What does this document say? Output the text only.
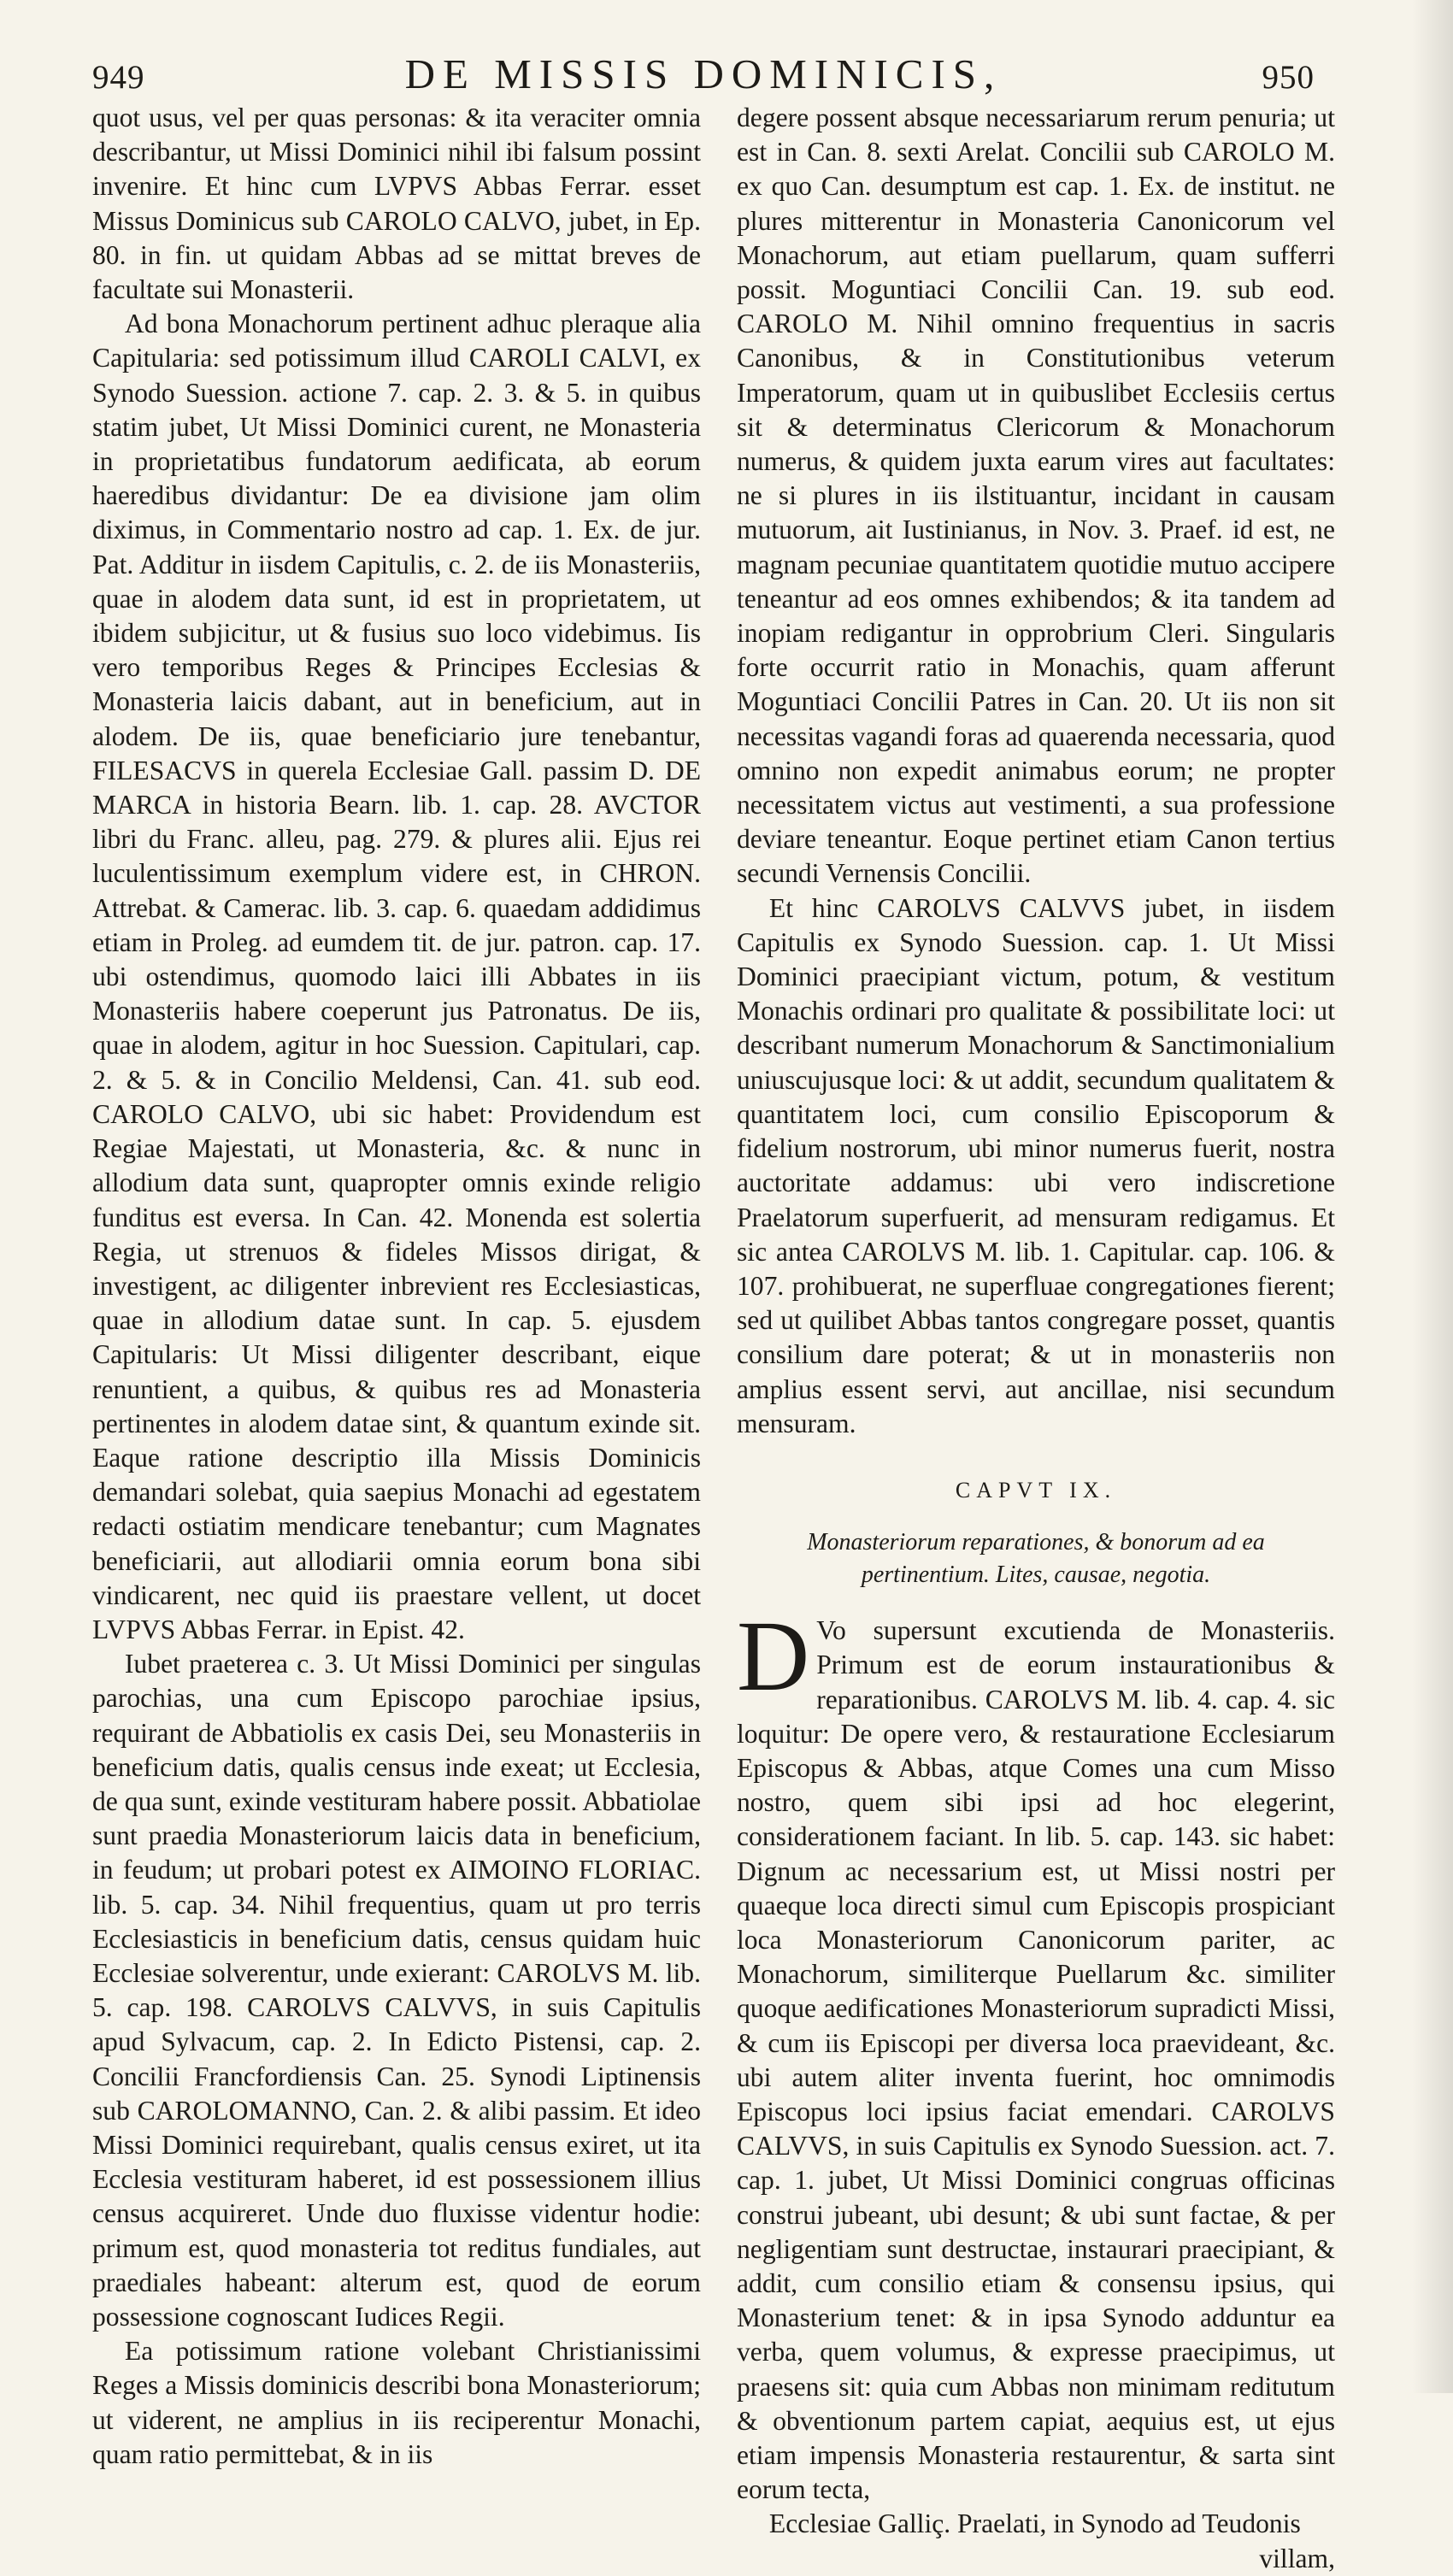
949	DE MISSIS DOMINICIS,	950

quot usus, vel per quas personas: & ita veraciter omnia describantur, ut Missi Dominici nihil ibi falsum possint invenire. Et hinc cum LVPVS Abbas Ferrar. esset Missus Dominicus sub CAROLO CALVO, jubet, in Ep. 80. in fin. ut quidam Abbas ad se mittat breves de facultate sui Monasterii.

Ad bona Monachorum pertinent adhuc pleraque alia Capitularia: sed potissimum illud CAROLI CALVI, ex Synodo Suession. actione 7. cap. 2. 3. & 5. in quibus statim jubet, Ut Missi Dominici curent, ne Monasteria in proprietatibus fundatorum aedificata, ab eorum haeredibus dividantur: De ea divisione jam olim diximus, in Commentario nostro ad cap. 1. Ex. de jur. Pat. Additur in iisdem Capitulis, c. 2. de iis Monasteriis, quae in alodem data sunt, id est in proprietatem, ut ibidem subjicitur, ut & fusius suo loco videbimus. Iis vero temporibus Reges & Principes Ecclesias & Monasteria laicis dabant, aut in beneficium, aut in alodem. De iis, quae beneficiario jure tenebantur, FILESACVS in querela Ecclesiae Gall. passim D. DE MARCA in historia Bearn. lib. 1. cap. 28. AVCTOR libri du Franc. alleu, pag. 279. & plures alii. Ejus rei luculentissimum exemplum videre est, in CHRON. Attrebat. & Camerac. lib. 3. cap. 6. quaedam addidimus etiam in Proleg. ad eumdem tit. de jur. patron. cap. 17. ubi ostendimus, quomodo laici illi Abbates in iis Monasteriis habere coeperunt jus Patronatus. De iis, quae in alodem, agitur in hoc Suession. Capitulari, cap. 2. & 5. & in Concilio Meldensi, Can. 41. sub eod. CAROLO CALVO, ubi sic habet: Providendum est Regiae Majestati, ut Monasteria, &c. & nunc in allodium data sunt, quapropter omnis exinde religio funditus est eversa. In Can. 42. Monenda est solertia Regia, ut strenuos & fideles Missos dirigat, & investigent, ac diligenter inbrevient res Ecclesiasticas, quae in allodium datae sunt. In cap. 5. ejusdem Capitularis: Ut Missi diligenter describant, eique renuntient, a quibus, & quibus res ad Monasteria pertinentes in alodem datae sint, & quantum exinde sit. Eaque ratione descriptio illa Missis Dominicis demandari solebat, quia saepius Monachi ad egestatem redacti ostiatim mendicare tenebantur; cum Magnates beneficiarii, aut allodiarii omnia eorum bona sibi vindicarent, nec quid iis praestare vellent, ut docet LVPVS Abbas Ferrar. in Epist. 42.

Iubet praeterea c. 3. Ut Missi Dominici per singulas parochias, una cum Episcopo parochiae ipsius, requirant de Abbatiolis ex casis Dei, seu Monasteriis in beneficium datis, qualis census inde exeat; ut Ecclesia, de qua sunt, exinde vestituram habere possit. Abbatiolae sunt praedia Monasteriorum laicis data in beneficium, in feudum; ut probari potest ex AIMOINO FLORIAC. lib. 5. cap. 34. Nihil frequentius, quam ut pro terris Ecclesiasticis in beneficium datis, census quidam huic Ecclesiae solverentur, unde exierant: CAROLVS M. lib. 5. cap. 198. CAROLVS CALVVS, in suis Capitulis apud Sylvacum, cap. 2. In Edicto Pistensi, cap. 2. Concilii Francfordiensis Can. 25. Synodi Liptinensis sub CAROLOMANNO, Can. 2. & alibi passim. Et ideo Missi Dominici requirebant, qualis census exiret, ut ita Ecclesia vestituram haberet, id est possessionem illius census acquireret. Unde duo fluxisse videntur hodie: primum est, quod monasteria tot reditus fundiales, aut praediales habeant: alterum est, quod de eorum possessione cognoscant Iudices Regii.

Ea potissimum ratione volebant Christianissimi Reges a Missis dominicis describi bona Monasteriorum; ut viderent, ne amplius in iis reciperentur Monachi, quam ratio permittebat, & in iis

degere possent absque necessariarum rerum penuria; ut est in Can. 8. sexti Arelat. Concilii sub CAROLO M. ex quo Can. desumptum est cap. 1. Ex. de institut. ne plures mitterentur in Monasteria Canonicorum vel Monachorum, aut etiam puellarum, quam sufferri possit. Moguntiaci Concilii Can. 19. sub eod. CAROLO M. Nihil omnino frequentius in sacris Canonibus, & in Constitutionibus veterum Imperatorum, quam ut in quibuslibet Ecclesiis certus sit & determinatus Clericorum & Monachorum numerus, & quidem juxta earum vires aut facultates: ne si plures in iis ilstituantur, incidant in causam mutuorum, ait Iustinianus, in Nov. 3. Praef. id est, ne magnam pecuniae quantitatem quotidie mutuo accipere teneantur ad eos omnes exhibendos; & ita tandem ad inopiam redigantur in opprobrium Cleri. Singularis forte occurrit ratio in Monachis, quam afferunt Moguntiaci Concilii Patres in Can. 20. Ut iis non sit necessitas vagandi foras ad quaerenda necessaria, quod omnino non expedit animabus eorum; ne propter necessitatem victus aut vestimenti, a sua professione deviare teneantur. Eoque pertinet etiam Canon tertius secundi Vernensis Concilii.

Et hinc CAROLVS CALVVS jubet, in iisdem Capitulis ex Synodo Suession. cap. 1. Ut Missi Dominici praecipiant victum, potum, & vestitum Monachis ordinari pro qualitate & possibilitate loci: ut describant numerum Monachorum & Sanctimonialium uniuscujusque loci: & ut addit, secundum qualitatem & quantitatem loci, cum consilio Episcoporum & fidelium nostrorum, ubi minor numerus fuerit, nostra auctoritate addamus: ubi vero indiscretione Praelatorum superfuerit, ad mensuram redigamus. Et sic antea CAROLVS M. lib. 1. Capitular. cap. 106. & 107. prohibuerat, ne superfluae congregationes fierent; sed ut quilibet Abbas tantos congregare posset, quantis consilium dare poterat; & ut in monasteriis non amplius essent servi, aut ancillae, nisi secundum mensuram.

CAPVT IX.
Monasteriorum reparationes, & bonorum ad ea pertinentium. Lites, causae, negotia.

D Vo supersunt excutienda de Monasteriis. Primum est de eorum instaurationibus & reparationibus. CAROLVS M. lib. 4. cap. 4. sic loquitur: De opere vero, & restauratione Ecclesiarum Episcopus & Abbas, atque Comes una cum Misso nostro, quem sibi ipsi ad hoc elegerint, considerationem faciant. In lib. 5. cap. 143. sic habet: Dignum ac necessarium est, ut Missi nostri per quaeque loca directi simul cum Episcopis prospiciant loca Monasteriorum Canonicorum pariter, ac Monachorum, similiterque Puellarum &c. similiter quoque aedificationes Monasteriorum supradicti Missi, & cum iis Episcopi per diversa loca praevideant, &c. ubi autem aliter inventa fuerint, hoc omnimodis Episcopus loci ipsius faciat emendari. CAROLVS CALVVS, in suis Capitulis ex Synodo Suession. act. 7. cap. 1. jubet, Ut Missi Dominici congruas officinas construi jubeant, ubi desunt; & ubi sunt factae, & per negligentiam sunt destructae, instaurari praecipiant, & addit, cum consilio etiam & consensu ipsius, qui Monasterium tenet: & in ipsa Synodo adduntur ea verba, quem volumus, & expresse praecipimus, ut praesens sit: quia cum Abbas non minimam reditutum & obventionum partem capiat, aequius est, ut ejus etiam impensis Monasteria restaurentur, & sarta sint eorum tecta,

Ecclesiae Galliç. Praelati, in Synodo ad Teudonis

villam,
